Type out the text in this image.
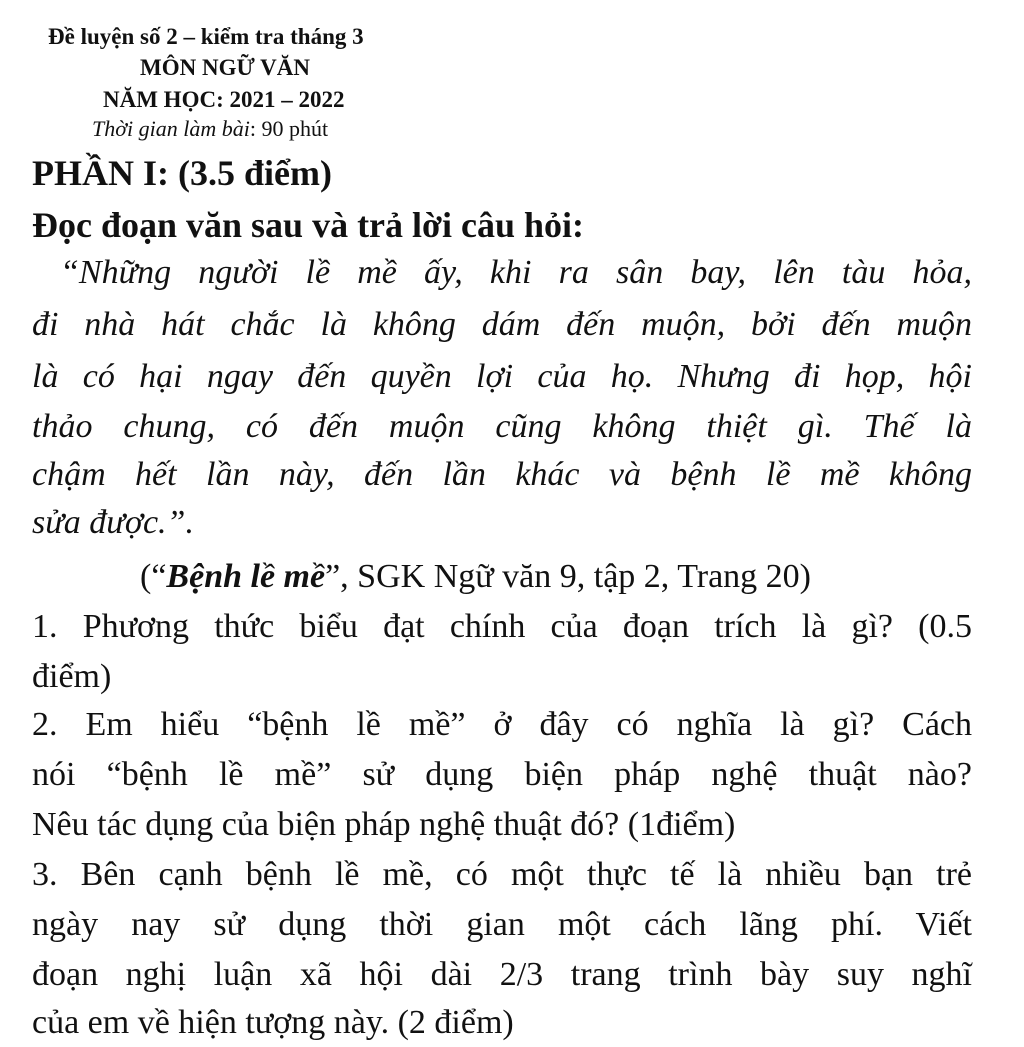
Đề luyện số 2 – kiểm tra tháng 3
MÔN NGỮ VĂN
NĂM HỌC: 2021 – 2022
Thời gian làm bài: 90 phút
PHẦN I: (3.5 điểm)
Đọc đoạn văn sau và trả lời câu hỏi:
“Những người lề mề ấy, khi ra sân bay, lên tàu hỏa,
đi nhà hát chắc là không dám đến muộn, bởi đến muộn
là có hại ngay đến quyền lợi của họ. Nhưng đi họp, hội
thảo chung, có đến muộn cũng không thiệt gì. Thế là
chậm hết lần này, đến lần khác và bệnh lề mề không
sửa được.”.
(“Bệnh lề mề”, SGK Ngữ văn 9, tập 2, Trang 20)
1. Phương thức biểu đạt chính của đoạn trích là gì? (0.5
điểm)
2. Em hiểu “bệnh lề mề” ở đây có nghĩa là gì? Cách
nói “bệnh lề mề” sử dụng biện pháp nghệ thuật nào?
Nêu tác dụng của biện pháp nghệ thuật đó? (1điểm)
3. Bên cạnh bệnh lề mề, có một thực tế là nhiều bạn trẻ
ngày nay sử dụng thời gian một cách lãng phí. Viết
đoạn nghị luận xã hội dài 2/3 trang trình bày suy nghĩ
của em về hiện tượng này. (2 điểm)
